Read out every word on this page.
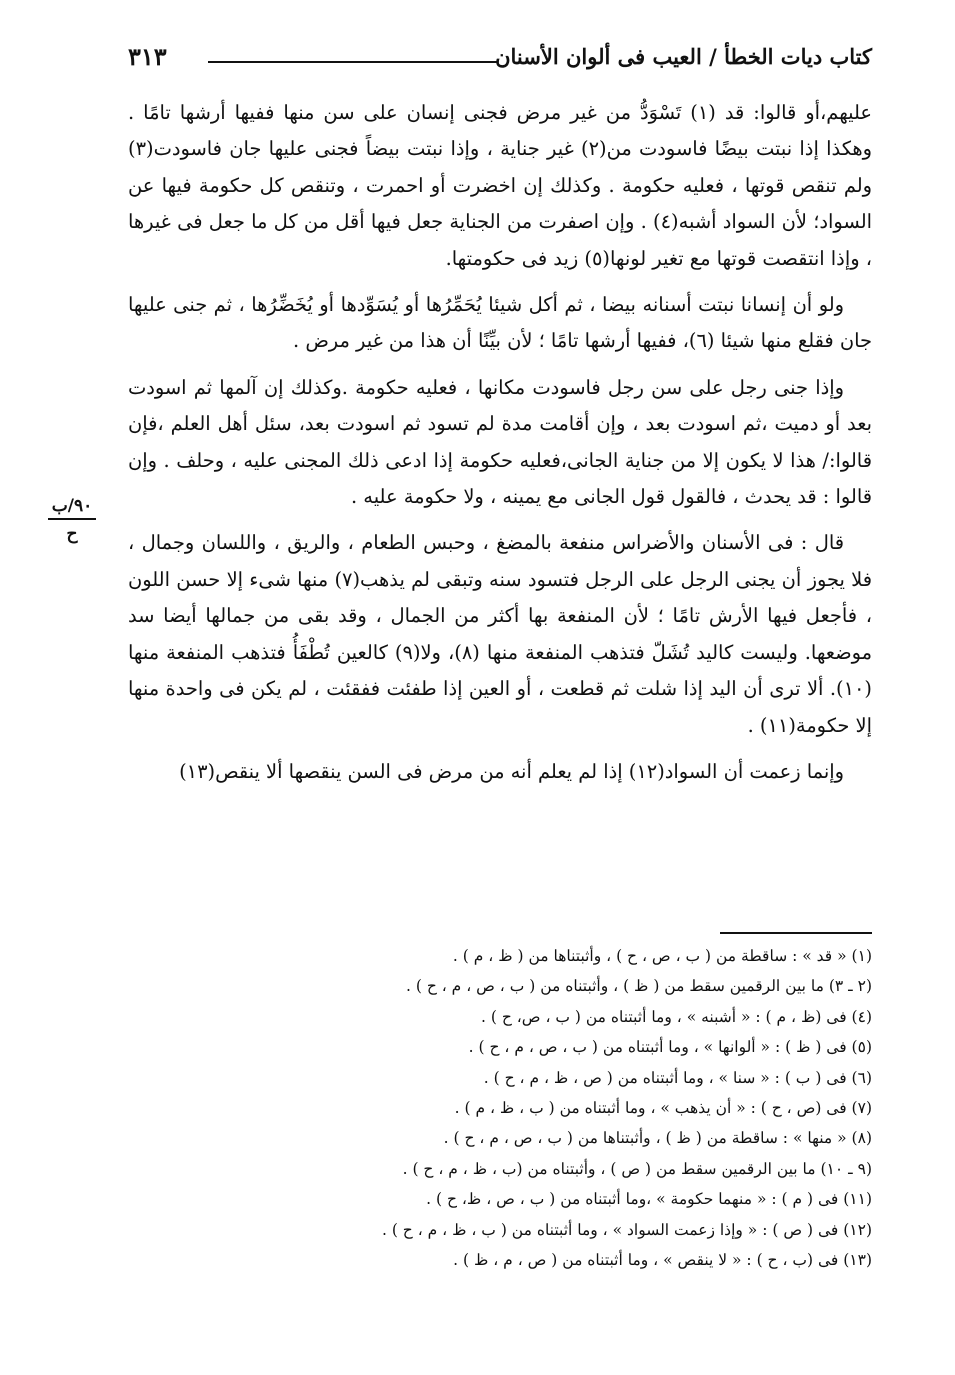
كتاب ديات الخطأ / العيب فى ألوان الأسنان
٣١٣
٩٠/ب
ح

عليهم،أو قالوا: قد (١) تَسْوَدُّ من غير مرض فجنى إنسان على سن منها ففيها أرشها تامًا . وهكذا إذا نبتت بيضًا فاسودت من(٢) غير جناية ، وإذا نبتت بيضاً فجنى عليها جان فاسودت(٣) ولم تنقص قوتها ، فعليه حكومة . وكذلك إن اخضرت أو احمرت ، وتنقص كل حكومة فيها عن السواد؛ لأن السواد أشبه(٤) . وإن اصفرت من الجناية جعل فيها أقل من كل ما جعل فى غيرها ، وإذا انتقصت قوتها مع تغير لونها(٥) زيد فى حكومتها.

ولو أن إنسانا نبتت أسنانه بيضا ، ثم أكل شيئا يُحَمِّرُها أو يُسَوِّدها أو يُخَضِّرُها ، ثم جنى عليها جان فقلع منها شيئا (٦)، ففيها أرشها تامًا ؛ لأن بيِّنًا أن هذا من غير مرض .

وإذا جنى رجل على سن رجل فاسودت مكانها ، فعليه حكومة .وكذلك إن آلمها ثم اسودت بعد أو دميت ،ثم اسودت بعد ، وإن أقامت مدة لم تسود ثم اسودت بعد، سئل أهل العلم ،فإن قالوا:/ هذا لا يكون إلا من جناية الجانى،فعليه حكومة إذا ادعى ذلك المجنى عليه ، وحلف . وإن قالوا : قد يحدث ، فالقول قول الجانى مع يمينه ، ولا حكومة عليه .

قال : فى الأسنان والأضراس منفعة بالمضغ ، وحبس الطعام ، والريق ، واللسان وجمال ، فلا يجوز أن يجنى الرجل على الرجل فتسود سنه وتبقى لم يذهب(٧) منها شىء إلا حسن اللون ، فأجعل فيها الأرش تامًا ؛ لأن المنفعة بها أكثر من الجمال ، وقد بقى من جمالها أيضا سد موضعها. وليست كاليد تُشَلّ فتذهب المنفعة منها (٨)، ولا(٩) كالعين تُطْفَأُ فتذهب المنفعة منها (١٠). ألا ترى أن اليد إذا شلت ثم قطعت ، أو العين إذا طفئت ففقئت ، لم يكن فى واحدة منها إلا حكومة(١١) .

وإنما زعمت أن السواد(١٢) إذا لم يعلم أنه من مرض فى السن ينقصها ألا ينقص(١٣)

(١) « قد » : ساقطة من ( ب ، ص ، ح ) ، وأثبتناها من ( ظ ، م ) .
(٢ ـ ٣) ما بين الرقمين سقط من ( ظ ) ، وأثبتناه من ( ب ، ص ، م ، ح ) .
(٤) فى (ظ ، م ) : « أشبنه » ، وما أثبتناه من ( ب ، ص، ح ) .
(٥) فى ( ظ ) : « ألوانها » ، وما أثبتناه من ( ب ، ص ، م ، ح ) .
(٦) فى ( ب ) : « سنا » ، وما أثبتناه من ( ص ، ظ ، م ، ح ) .
(٧) فى (ص ، ح ) : « أن يذهب » ، وما أثبتناه من ( ب ، ظ ، م ) .
(٨) « منها » : ساقطة من ( ظ ) ، وأثبتناها من ( ب ، ص ، م ، ح ) .
(٩ ـ ١٠) ما بين الرقمين سقط من ( ص ) ، وأثبتناه من (ب ، ظ ، م ، ح ) .
(١١) فى ( م ) : « منهما حكومة » ،وما أثبتناه من ( ب ، ص ، ظ، ح ) .
(١٢) فى ( ص ) : « وإذا زعمت السواد » ، وما أثبتناه من ( ب ، ظ ، م ، ح ) .
(١٣) فى (ب ، ح ) : « لا ينقص » ، وما أثبتناه من ( ص ، م ، ظ ) .
